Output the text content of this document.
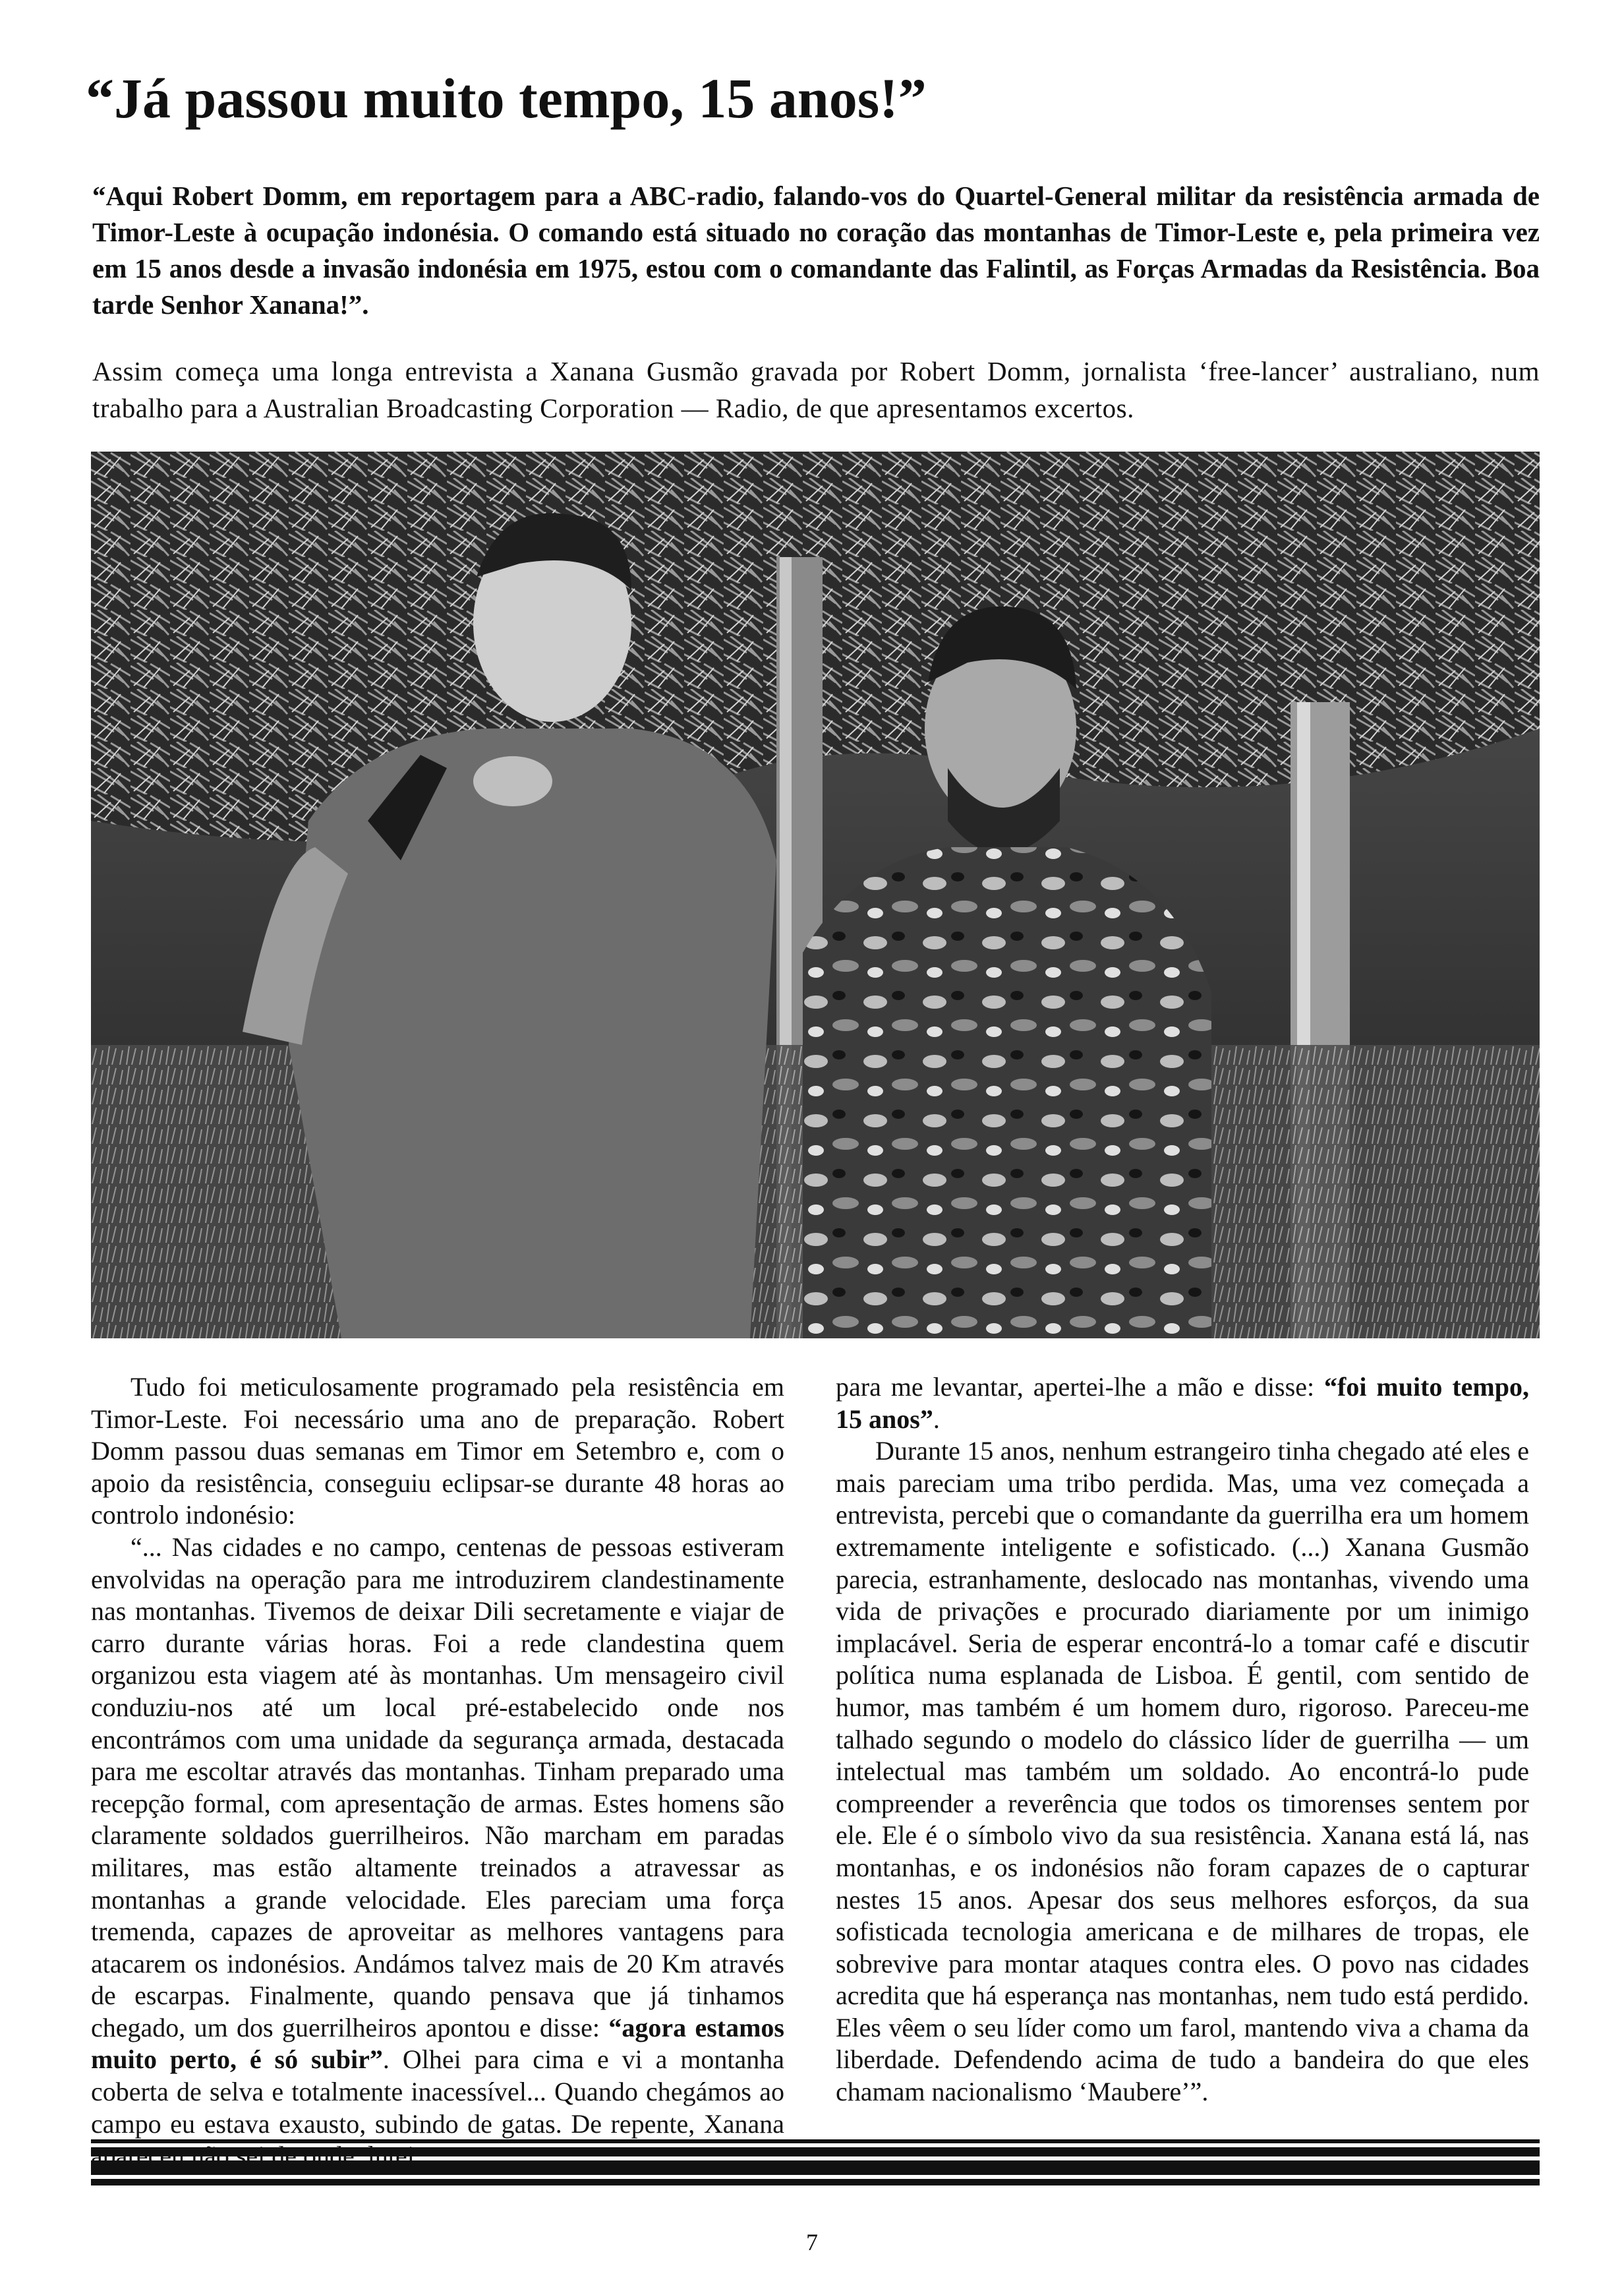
“Já passou muito tempo, 15 anos!”

“Aqui Robert Domm, em reportagem para a ABC-radio, falando-vos do Quartel-General militar da resistência armada de Timor-Leste à ocupação indonésia. O comando está situado no coração das montanhas de Timor-Leste e, pela primeira vez em 15 anos desde a invasão indonésia em 1975, estou com o comandante das Falintil, as Forças Armadas da Resistência. Boa tarde Senhor Xanana!”.

Assim começa uma longa entrevista a Xanana Gusmão gravada por Robert Domm, jornalista ‘free-lancer’ australiano, num trabalho para a Australian Broadcasting Corporation — Radio, de que apresentamos excertos.

Tudo foi meticulosamente programado pela resistência em Timor-Leste. Foi necessário uma ano de preparação. Robert Domm passou duas semanas em Timor em Setembro e, com o apoio da resistência, conseguiu eclipsar-se durante 48 horas ao controlo indonésio:

“... Nas cidades e no campo, centenas de pessoas estiveram envolvidas na operação para me introduzirem clandestinamente nas montanhas. Tivemos de deixar Dili secretamente e viajar de carro durante várias horas. Foi a rede clandestina quem organizou esta viagem até às montanhas. Um mensageiro civil conduziu-nos até um local pré-estabelecido onde nos encontrámos com uma unidade da segurança armada, destacada para me escoltar através das montanhas. Tinham preparado uma recepção formal, com apresentação de armas. Estes homens são claramente soldados guerrilheiros. Não marcham em paradas militares, mas estão altamente treinados a atravessar as montanhas a grande velocidade. Eles pareciam uma força tremenda, capazes de aproveitar as melhores vantagens para atacarem os indonésios. Andámos talvez mais de 20 Km através de escarpas. Finalmente, quando pensava que já tinhamos chegado, um dos guerrilheiros apontou e disse: “agora estamos muito perto, é só subir”. Olhei para cima e vi a montanha coberta de selva e totalmente inacessível... Quando chegámos ao campo eu estava exausto, subindo de gatas. De repente, Xanana

para me levantar, apertei-lhe a mão e disse: “foi muito tempo, 15 anos”.

Durante 15 anos, nenhum estrangeiro tinha chegado até eles e mais pareciam uma tribo perdida. Mas, uma vez começada a entrevista, percebi que o comandante da guerrilha era um homem extremamente inteligente e sofisticado. (...) Xanana Gusmão parecia, estranhamente, deslocado nas montanhas, vivendo uma vida de privações e procurado diariamente por um inimigo implacável. Seria de esperar encontrá-lo a tomar café e discutir política numa esplanada de Lisboa. É gentil, com sentido de humor, mas também é um homem duro, rigoroso. Pareceu-me talhado segundo o modelo do clássico líder de guerrilha — um intelectual mas também um soldado. Ao encontrá-lo pude compreender a reverência que todos os timorenses sentem por ele. Ele é o símbolo vivo da sua resistência. Xanana está lá, nas montanhas, e os indonésios não foram capazes de o capturar nestes 15 anos. Apesar dos seus melhores esforços, da sua sofisticada tecnologia americana e de milhares de tropas, ele sobrevive para montar ataques contra eles. O povo nas cidades acredita que há esperança nas montanhas, nem tudo está perdido. Eles vêem o seu líder como um farol, mantendo viva a chama da liberdade. Defendendo acima de tudo a bandeira do que eles chamam nacionalismo ‘Maubere’”.

7
